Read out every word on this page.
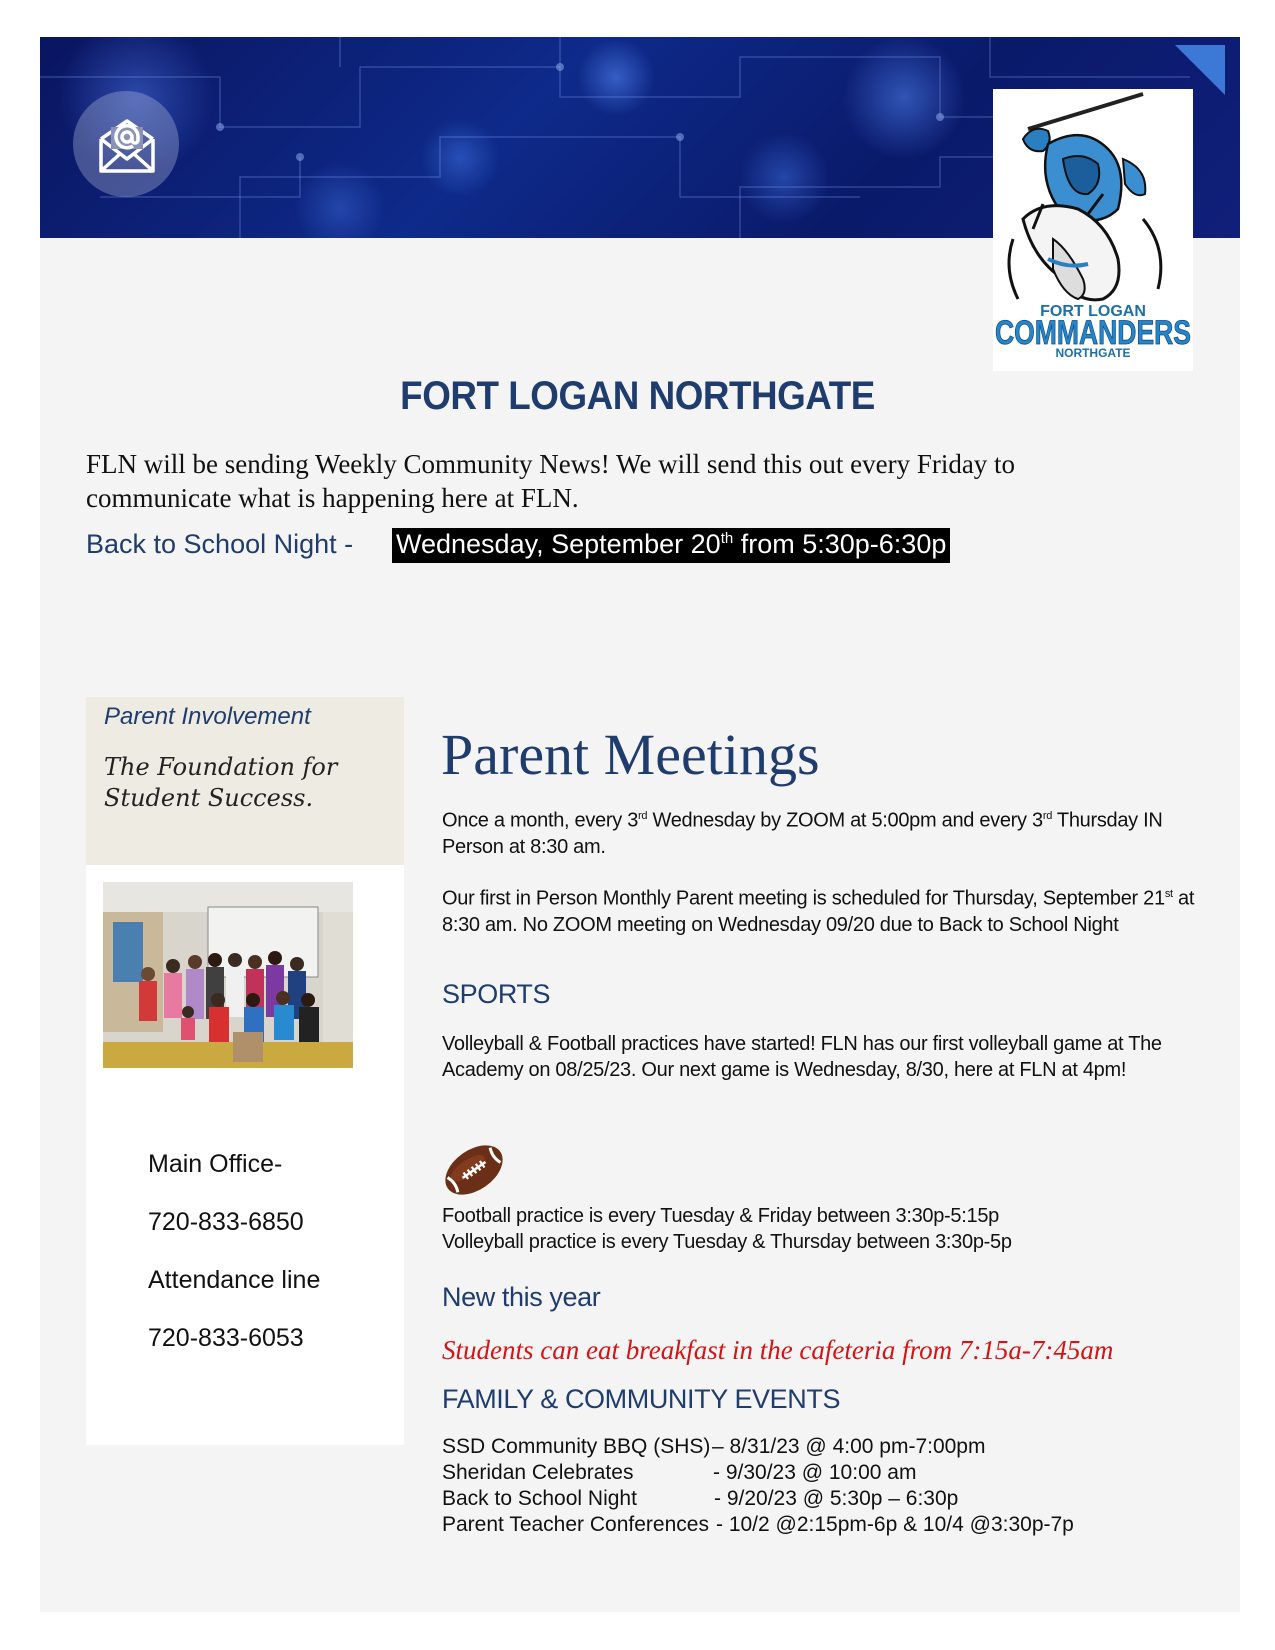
FORT LOGAN
COMMANDERS
NORTHGATE
FORT LOGAN NORTHGATE
FLN will be sending Weekly Community News! We will send this out every Friday to communicate what is happening here at FLN.
Back to School Night - Wednesday, September 20th from 5:30p-6:30p
Parent Involvement
The Foundation for Student Success.
Main Office-
720-833-6850
Attendance line
720-833-6053
Parent Meetings
Once a month, every 3rd Wednesday by ZOOM at 5:00pm and every 3rd Thursday IN Person at 8:30 am.
Our first in Person Monthly Parent meeting is scheduled for Thursday, September 21st at 8:30 am. No ZOOM meeting on Wednesday 09/20 due to Back to School Night
SPORTS
Volleyball & Football practices have started! FLN has our first volleyball game at The Academy on 08/25/23. Our next game is Wednesday, 8/30, here at FLN at 4pm!
Football practice is every Tuesday & Friday between 3:30p-5:15p
Volleyball practice is every Tuesday & Thursday between 3:30p-5p
New this year
Students can eat breakfast in the cafeteria from 7:15a-7:45am
FAMILY & COMMUNITY EVENTS
SSD Community BBQ (SHS) – 8/31/23 @ 4:00 pm-7:00pm
Sheridan Celebrates	- 9/30/23 @ 10:00 am
Back to School Night	- 9/20/23 @ 5:30p – 6:30p
Parent Teacher Conferences - 10/2 @2:15pm-6p & 10/4 @3:30p-7p
